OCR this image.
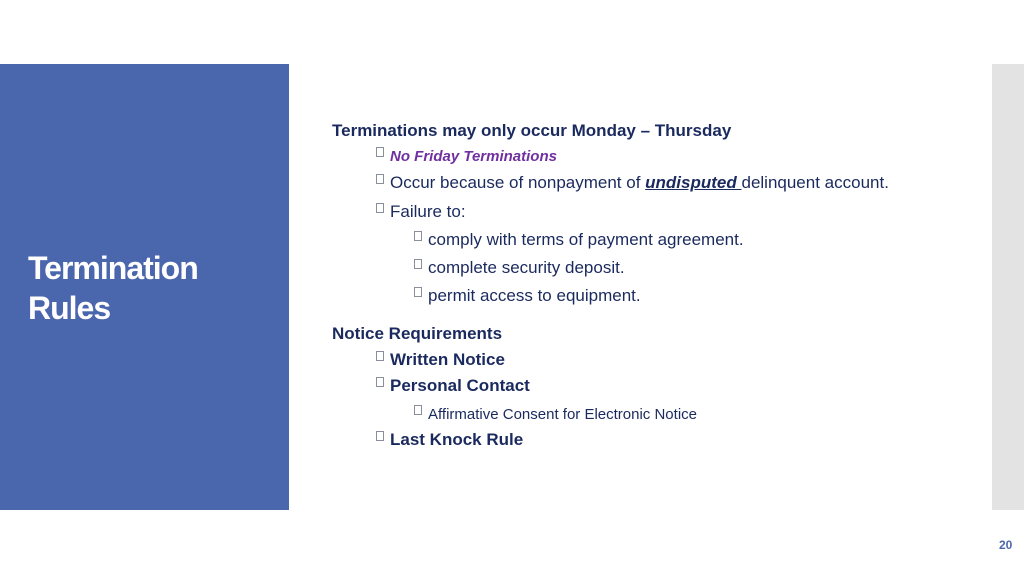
Termination
Rules
Terminations may only occur Monday – Thursday
No Friday Terminations
Occur because of nonpayment of undisputed delinquent account.
Failure to:
comply with terms of payment agreement.
complete security deposit.
permit access to equipment.
Notice Requirements
Written Notice
Personal Contact
Affirmative Consent for Electronic Notice
Last Knock Rule
20
